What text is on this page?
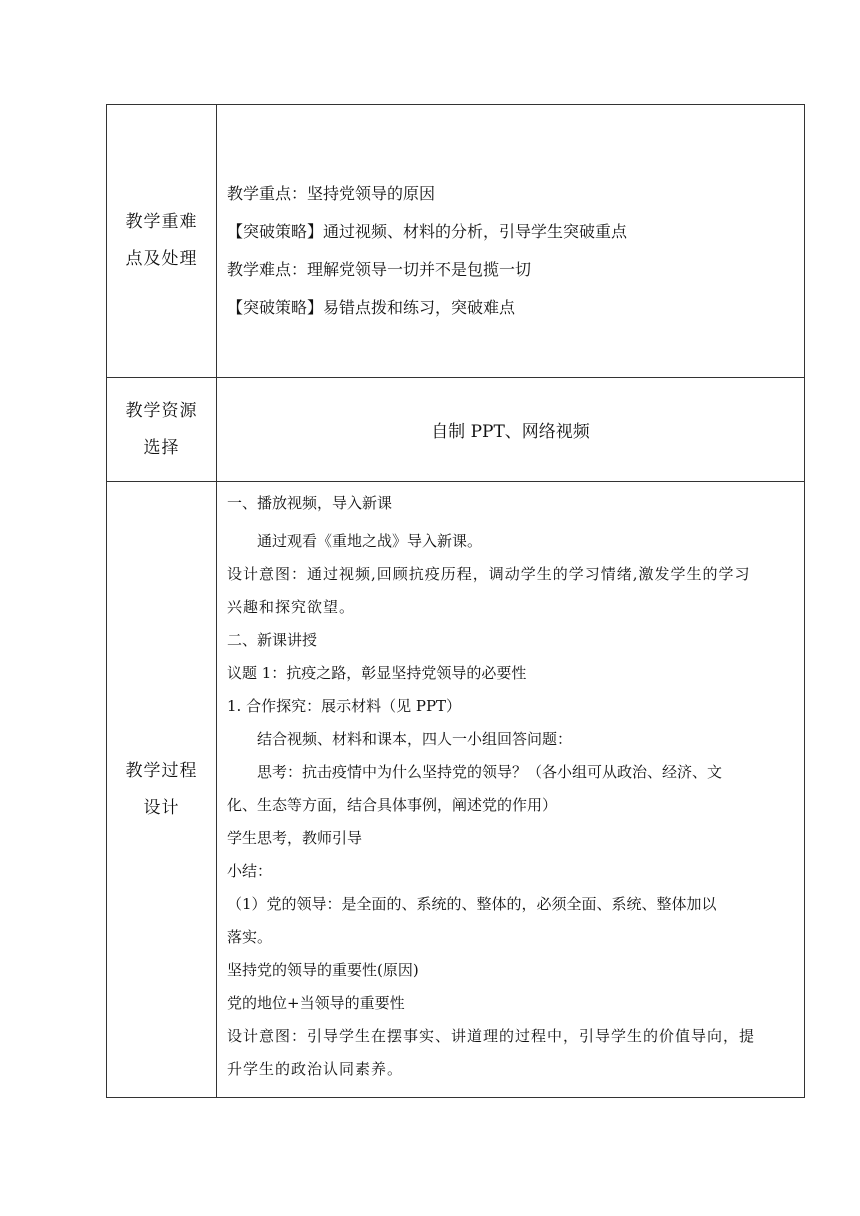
教学重难
点及处理

教学重点：坚持党领导的原因

【突破策略】通过视频、材料的分析，引导学生突破重点

教学难点：理解党领导一切并不是包揽一切

【突破策略】易错点拨和练习，突破难点

教学资源
选择
自制 PPT、网络视频
教学过程
设计

一、播放视频，导入新课

通过观看《重地之战》导入新课。

设计意图：通过视频,回顾抗疫历程，调动学生的学习情绪,激发学生的学习

兴趣和探究欲望。

二、新课讲授

议题 1：抗疫之路，彰显坚持党领导的必要性

1. 合作探究：展示材料（见 PPT）

结合视频、材料和课本，四人一小组回答问题：

思考：抗击疫情中为什么坚持党的领导？（各小组可从政治、经济、文

化、生态等方面，结合具体事例，阐述党的作用）

学生思考，教师引导

小结：

（1）党的领导：是全面的、系统的、整体的，必须全面、系统、整体加以

落实。

坚持党的领导的重要性(原因)

党的地位+当领导的重要性

设计意图：引导学生在摆事实、讲道理的过程中，引导学生的价值导向，提

升学生的政治认同素养。
